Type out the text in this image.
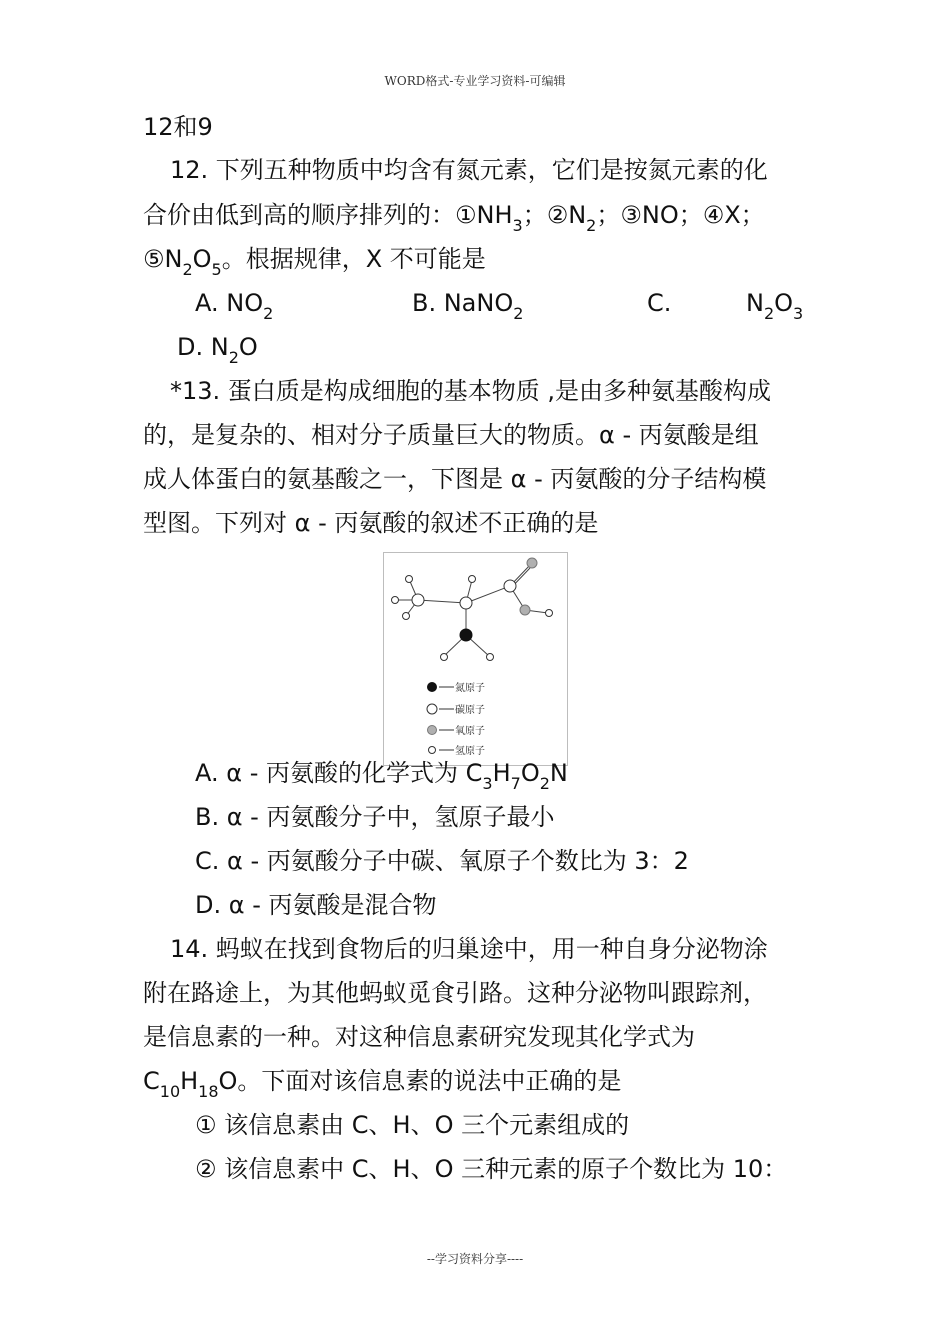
WORD格式-专业学习资料-可编辑
12和9
12. 下列五种物质中均含有氮元素，它们是按氮元素的化
合价由低到高的顺序排列的：$①NH_3$；$②N_2$；③NO；④X；
$⑤N_2O_5$。根据规律，X 不可能是
A. $NO_2$	B. NaNO$_2$	C.	$N_2O_3$
D. $N_2O$
*13. 蛋白质是构成细胞的基本物质 ,是由多种氨基酸构成
的，是复杂的、相对分子质量巨大的物质。α - 丙氨酸是组
成人体蛋白的氨基酸之一，下图是 α - 丙氨酸的分子结构模
型图。下列对 α - 丙氨酸的叙述不正确的是
氮原子
碳原子
氧原子
氢原子
A. α - 丙氨酸的化学式为 $C_3H_7O_2N$
B. α - 丙氨酸分子中，氢原子最小
C. α - 丙氨酸分子中碳、氧原子个数比为 3：2
D. α - 丙氨酸是混合物
14. 蚂蚁在找到食物后的归巢途中，用一种自身分泌物涂
附在路途上，为其他蚂蚁觅食引路。这种分泌物叫跟踪剂，
是信息素的一种。对这种信息素研究发现其化学式为
$C_{10}H_{18}O$。下面对该信息素的说法中正确的是
① 该信息素由 C、H、O 三个元素组成的
② 该信息素中 C、H、O 三种元素的原子个数比为 10：
--学习资料分享----
